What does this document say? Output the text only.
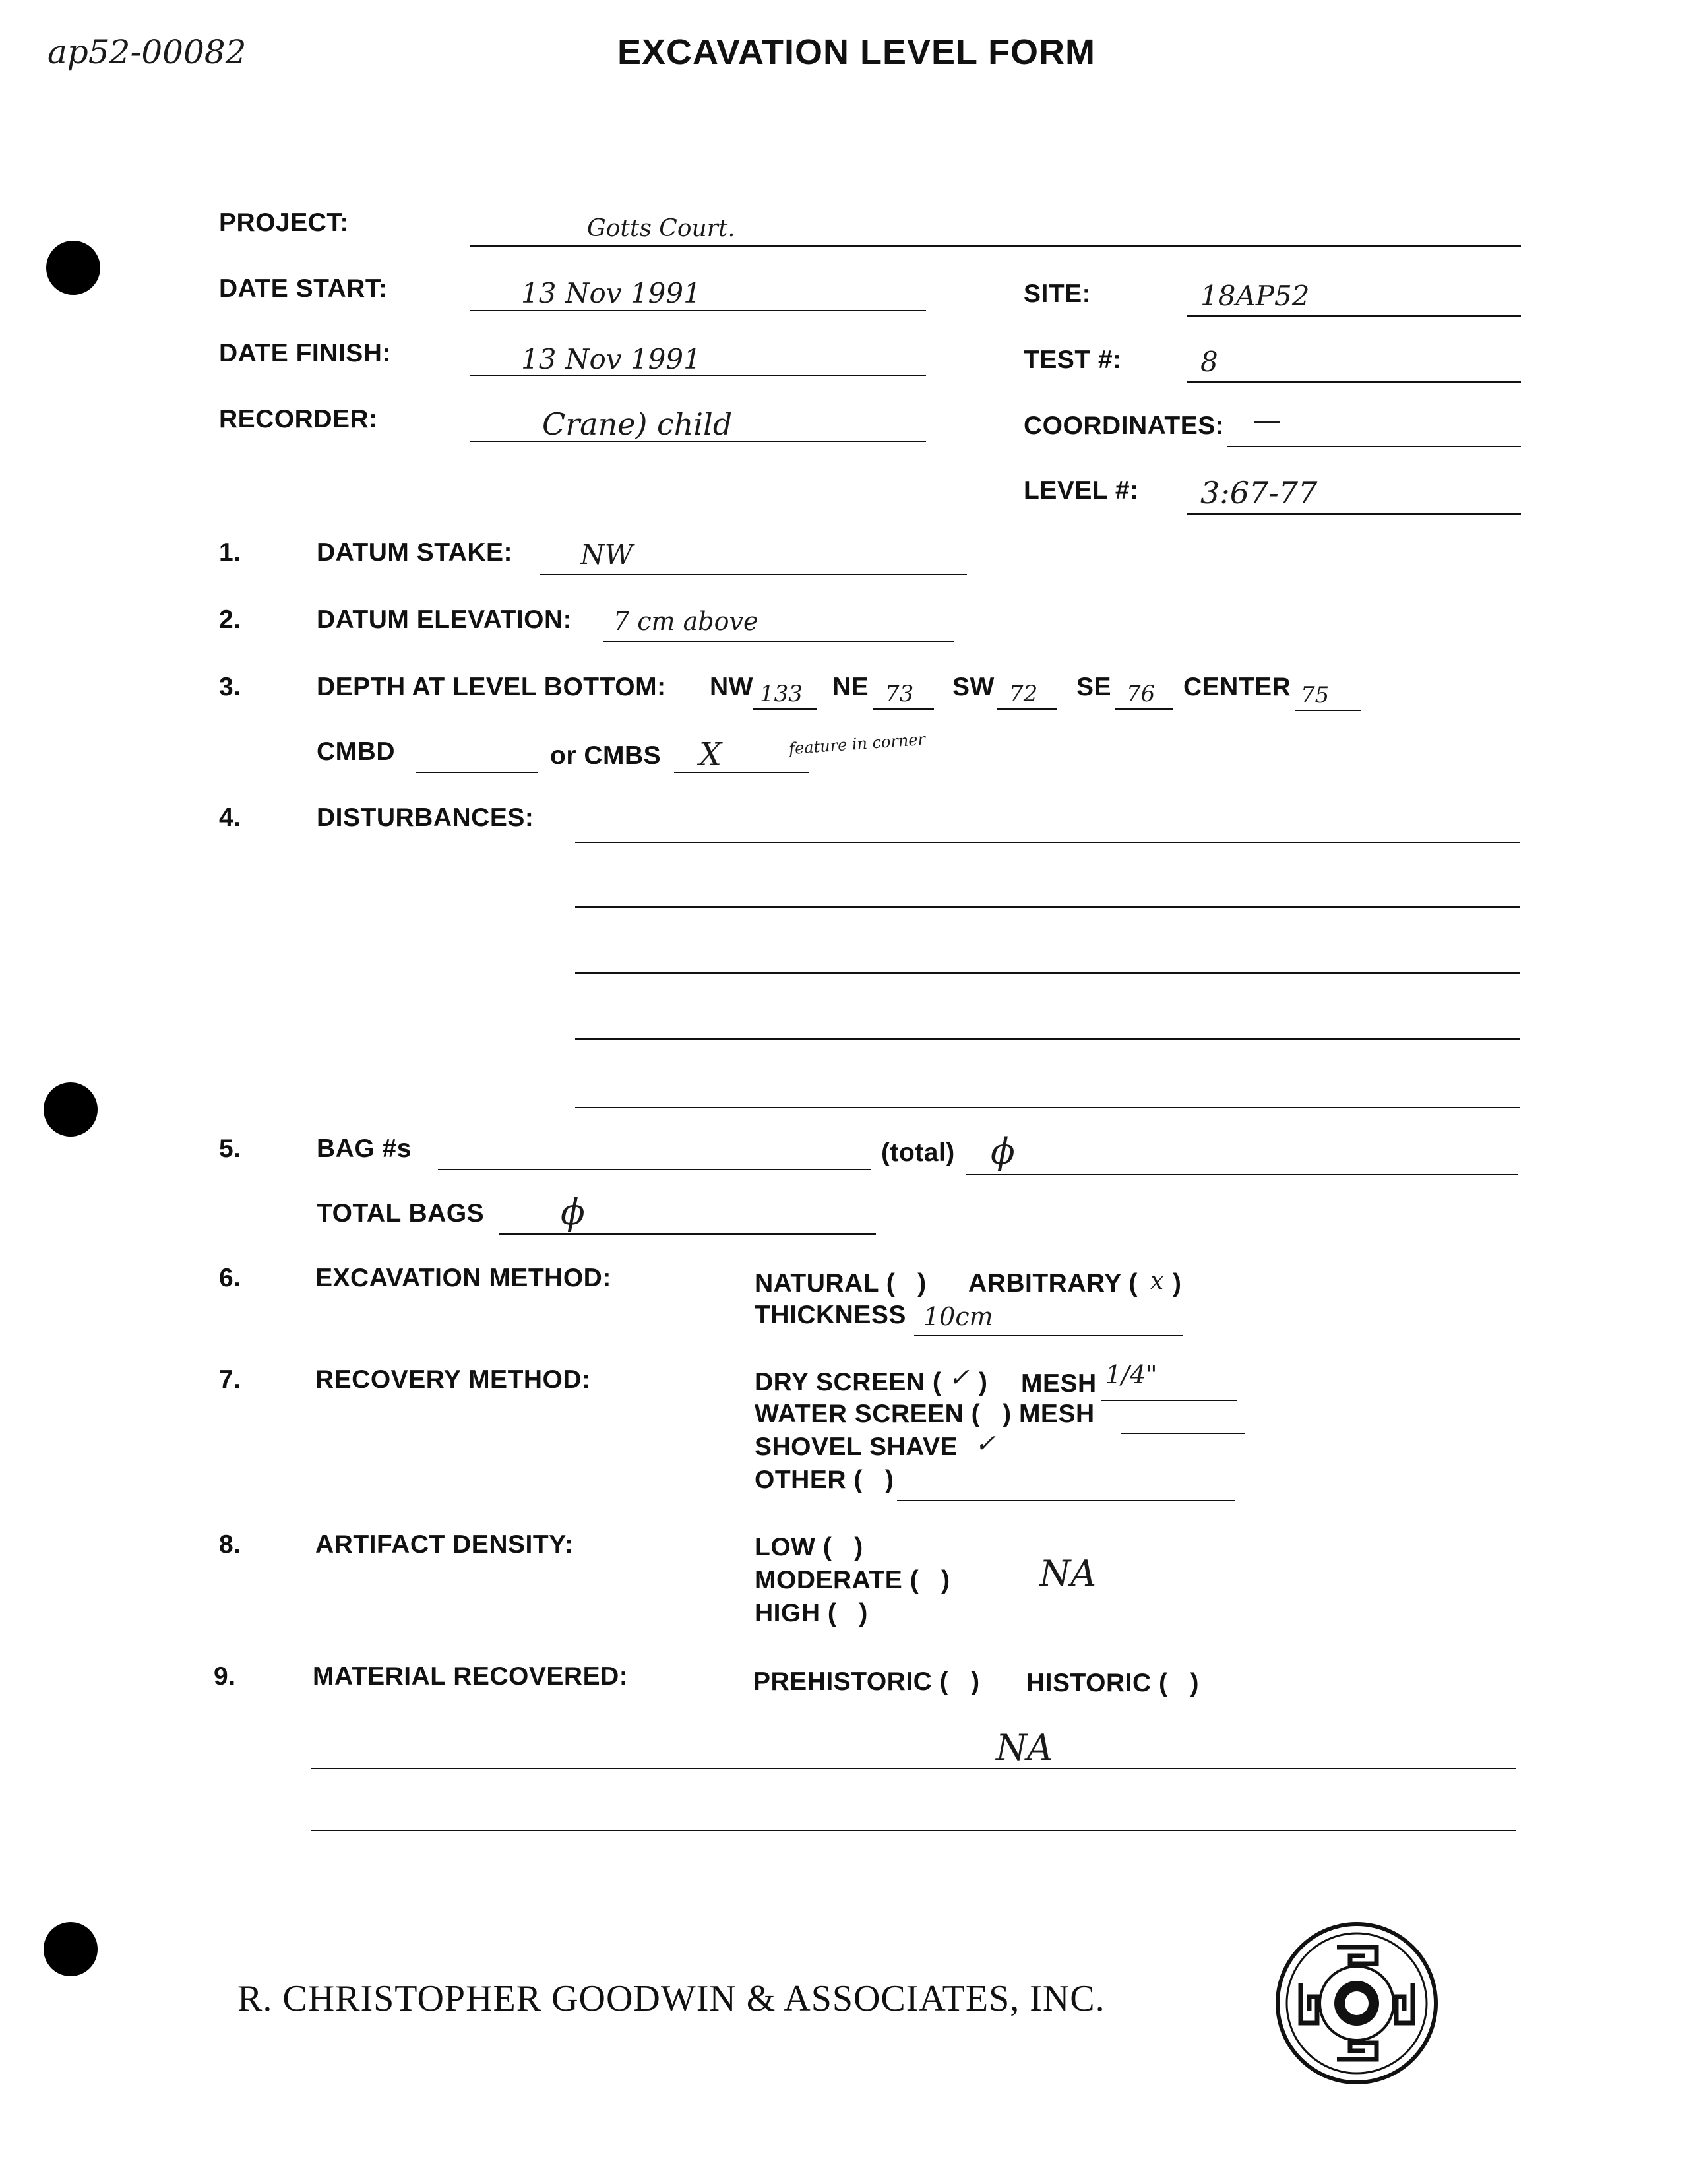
ap52-00082	EXCAVATION LEVEL FORM
PROJECT:	Gotts Court.
DATE START:	13 Nov 1991	SITE:	18AP52
DATE FINISH:	13 Nov 1991	TEST #:	8
RECORDER:	Crane) child	COORDINATES: —
LEVEL #: 3:67-77
1.	DATUM STAKE: NW
2.	DATUM ELEVATION: 7 cm above
3.	DEPTH AT LEVEL BOTTOM: NW 133 NE 73 SW 72 SE 76 CENTER 75
feature in corner
CMBD	or CMBS X
4.	DISTURBANCES:
5.	BAG #s	(total) ϕ
TOTAL BAGS ϕ
6.	EXCAVATION METHOD:	NATURAL (   ) ARBITRARY ( x )
THICKNESS 10cm
7.	RECOVERY METHOD:	DRY SCREEN ( ✓ ) MESH 1/4"
WATER SCREEN (   ) MESH
SHOVEL SHAVE ✓
OTHER (   )
8.	ARTIFACT DENSITY:	LOW (   )
MODERATE (   )
HIGH (   )
NA
9.	MATERIAL RECOVERED:	PREHISTORIC (   ) HISTORIC (   )
NA
R. CHRISTOPHER GOODWIN & ASSOCIATES, INC.
